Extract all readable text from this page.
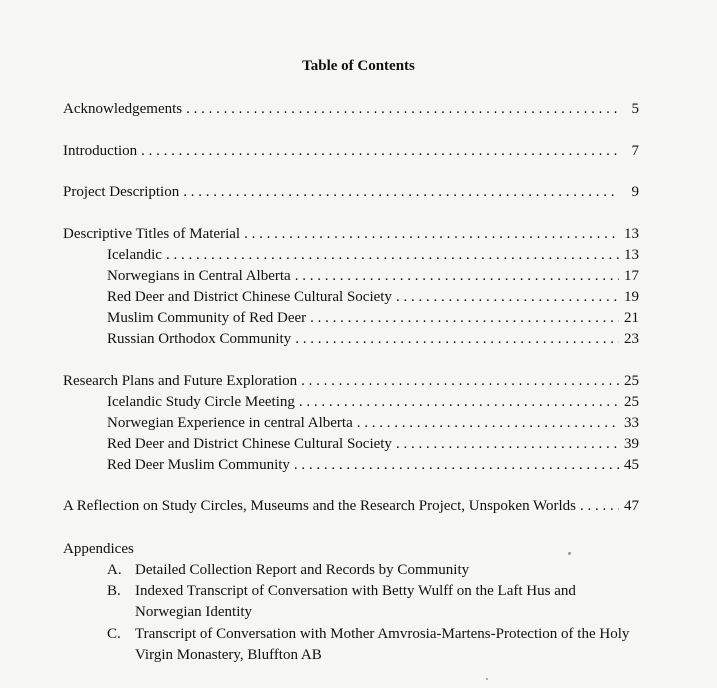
Table of Contents
Acknowledgements . . .	5
Introduction . . .	7
Project Description . . .	9
Descriptive Titles of Material . . .	13
Icelandic . . .	13
Norwegians in Central Alberta . . .	17
Red Deer and District Chinese Cultural Society . . .	19
Muslim Community of Red Deer . . .	21
Russian Orthodox Community . . .	23
Research Plans and Future Exploration . . .	25
Icelandic Study Circle Meeting . . .	25
Norwegian Experience in central Alberta . . .	33
Red Deer and District Chinese Cultural Society . . .	39
Red Deer Muslim Community . . .	45
A Reflection on Study Circles, Museums and the Research Project, Unspoken Worlds . . .	47
Appendices
A. Detailed Collection Report and Records by Community
B. Indexed Transcript of Conversation with Betty Wulff on the Laft Hus and
Norwegian Identity
C. Transcript of Conversation with Mother Amvrosia-Martens-Protection of the Holy
Virgin Monastery, Bluffton AB
